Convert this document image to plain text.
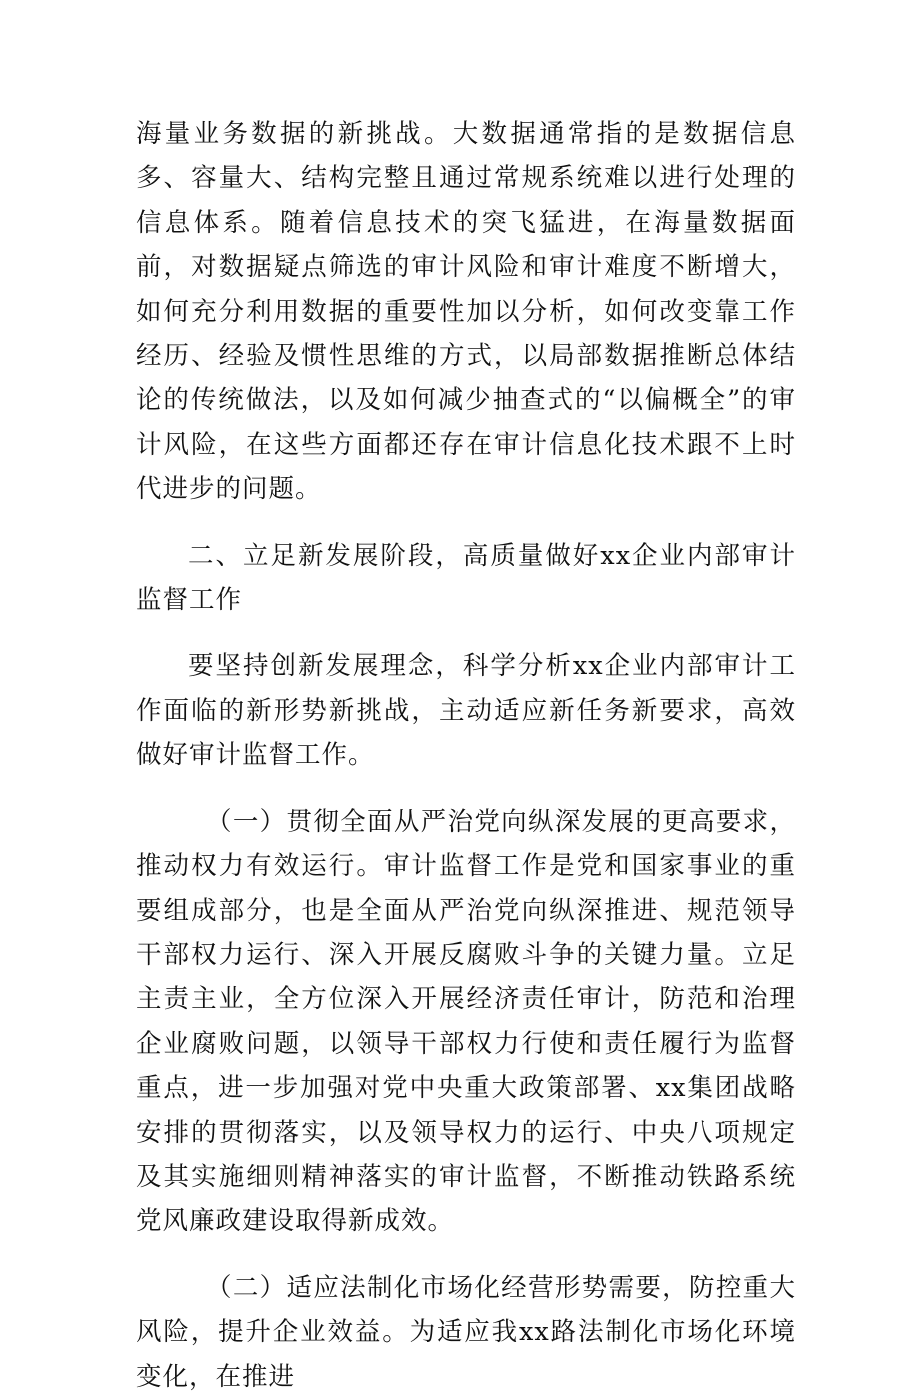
海量业务数据的新挑战。大数据通常指的是数据信息多、容量大、结构完整且通过常规系统难以进行处理的信息体系。随着信息技术的突飞猛进，在海量数据面前，对数据疑点筛选的审计风险和审计难度不断增大，如何充分利用数据的重要性加以分析，如何改变靠工作经历、经验及惯性思维的方式，以局部数据推断总体结论的传统做法，以及如何减少抽查式的“以偏概全”的审计风险，在这些方面都还存在审计信息化技术跟不上时代进步的问题。

二、立足新发展阶段，高质量做好xx企业内部审计监督工作

要坚持创新发展理念，科学分析xx企业内部审计工作面临的新形势新挑战，主动适应新任务新要求，高效做好审计监督工作。

（一）贯彻全面从严治党向纵深发展的更高要求，推动权力有效运行。审计监督工作是党和国家事业的重要组成部分，也是全面从严治党向纵深推进、规范领导干部权力运行、深入开展反腐败斗争的关键力量。立足主责主业，全方位深入开展经济责任审计，防范和治理企业腐败问题，以领导干部权力行使和责任履行为监督重点，进一步加强对党中央重大政策部署、xx集团战略安排的贯彻落实，以及领导权力的运行、中央八项规定及其实施细则精神落实的审计监督，不断推动铁路系统党风廉政建设取得新成效。

（二）适应法制化市场化经营形势需要，防控重大风险，提升企业效益。为适应我xx路法制化市场化环境变化，在推进
